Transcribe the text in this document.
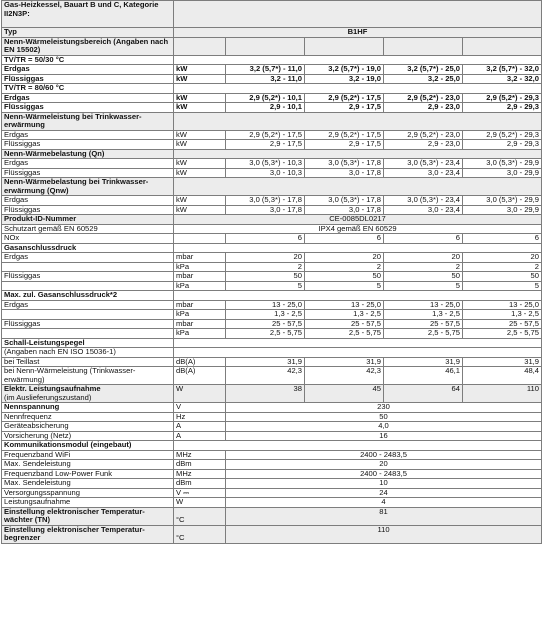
Gas-Heizkessel, Bauart B und C, Kategorie II2N3P:					
Typ	B1HF				
Nenn-Wärmeleistungsbereich (Angaben nach EN 15502)					
TV/TR = 50/30 °C					
Erdgas	kW	3,2 (5,7*) - 11,0	3,2 (5,7*) - 19,0	3,2 (5,7*) - 25,0	3,2 (5,7*) - 32,0
Flüssiggas	kW	3,2 - 11,0	3,2 - 19,0	3,2 - 25,0	3,2 - 32,0
TV/TR = 80/60 °C					
Erdgas	kW	2,9 (5,2*) - 10,1	2,9 (5,2*) - 17,5	2,9 (5,2*) - 23,0	2,9 (5,2*) - 29,3
Flüssiggas	kW	2,9 - 10,1	2,9 - 17,5	2,9 - 23,0	2,9 - 29,3
Nenn-Wärmeleistung bei Trinkwasser-erwärmung					
Erdgas	kW	2,9 (5,2*) - 17,5	2,9 (5,2*) - 17,5	2,9 (5,2*) - 23,0	2,9 (5,2*) - 29,3
Flüssiggas	kW	2,9 - 17,5	2,9 - 17,5	2,9 - 23,0	2,9 - 29,3
Nenn-Wärmebelastung (Qn)					
Erdgas	kW	3,0 (5,3*) - 10,3	3,0 (5,3*) - 17,8	3,0 (5,3*) - 23,4	3,0 (5,3*) - 29,9
Flüssiggas	kW	3,0 - 10,3	3,0 - 17,8	3,0 - 23,4	3,0 - 29,9
Nenn-Wärmebelastung bei Trinkwasser-erwärmung (Qnw)					
Erdgas	kW	3,0 (5,3*) - 17,8	3,0 (5,3*) - 17,8	3,0 (5,3*) - 23,4	3,0 (5,3*) - 29,9
Flüssiggas	kW	3,0 - 17,8	3,0 - 17,8	3,0 - 23,4	3,0 - 29,9
Produkt-ID-Nummer	CE-0085DL0217				
Schutzart gemäß EN 60529	IPX4 gemäß EN 60529				
NOx		6	6	6	6
Gasanschlussdruck					
Erdgas	mbar	20	20	20	20
	kPa	2	2	2	2
Flüssiggas	mbar	50	50	50	50
	kPa	5	5	5	5
Max. zul. Gasanschlussdruck*2					
Erdgas	mbar	13 - 25,0	13 - 25,0	13 - 25,0	13 - 25,0
	kPa	1,3 - 2,5	1,3 - 2,5	1,3 - 2,5	1,3 - 2,5
Flüssiggas	mbar	25 - 57,5	25 - 57,5	25 - 57,5	25 - 57,5
	kPa	2,5 - 5,75	2,5 - 5,75	2,5 - 5,75	2,5 - 5,75
Schall-Leistungspegel					
(Angaben nach EN ISO 15036-1)					
bei Teillast	dB(A)	31,9	31,9	31,9	31,9
bei Nenn-Wärmeleistung (Trinkwasser-erwärmung)	dB(A)	42,3	42,3	46,1	48,4
Elektr. Leistungsaufnahme
(im Auslieferungszustand)	W	38	45	64	110
Nennspannung	V	230			
Nennfrequenz	Hz	50			
Geräteabsicherung	A	4,0			
Vorsicherung (Netz)	A	16			
Kommunikationsmodul (eingebaut)					
Frequenzband WiFi	MHz	2400 - 2483,5			
Max. Sendeleistung	dBm	20			
Frequenzband Low-Power Funk	MHz	2400 - 2483,5			
Max. Sendeleistung	dBm	10			
Versorgungsspannung	V ⎓	24			
Leistungsaufnahme	W	4			
Einstellung elektronischer Temperatur-wächter (TN)	°C	81			
Einstellung elektronischer Temperatur-begrenzer	°C	110			
